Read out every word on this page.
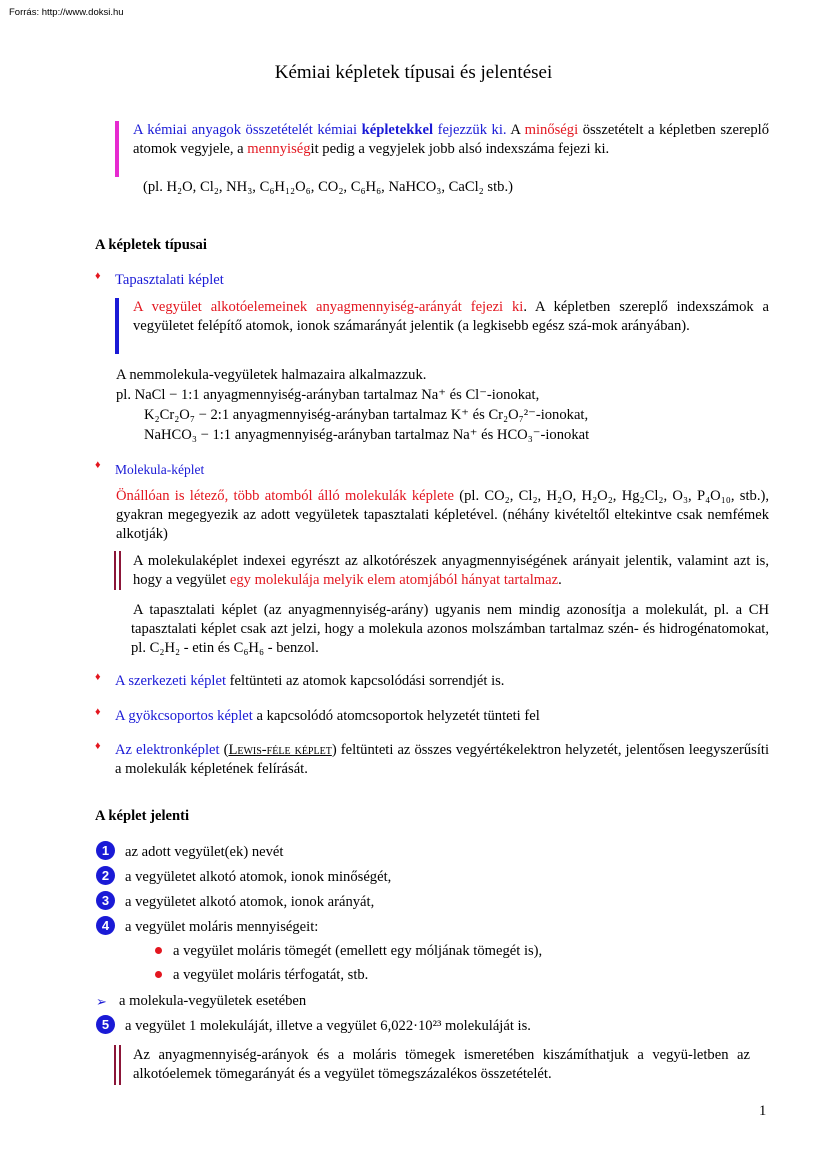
Forrás: http://www.doksi.hu
Kémiai képletek típusai és jelentései
A kémiai anyagok összetételét kémiai képletekkel fejezzük ki. A minőségi összetételt a képletben szereplő atomok vegyjele, a mennyiségit pedig a vegyjelek jobb alsó indexszáma fejezi ki.
(pl. H₂O, Cl₂, NH₃, C₆H₁₂O₆, CO₂, C₆H₆, NaHCO₃, CaCl₂ stb.)
A képletek típusai
♦ Tapasztalati képlet
A vegyület alkotóelemeinek anyagmennyiség-arányát fejezi ki. A képletben szereplő indexszámok a vegyületet felépítő atomok, ionok számarányát jelentik (a legkisebb egész szá-mok arányában).
A nemmolekula-vegyületek halmazaira alkalmazzuk.
pl. NaCl − 1:1 anyagmennyiség-arányban tartalmaz Na⁺ és Cl⁻-ionokat,
K₂Cr₂O₇ − 2:1 anyagmennyiség-arányban tartalmaz K⁺ és Cr₂O₇²⁻-ionokat,
NaHCO₃ − 1:1 anyagmennyiség-arányban tartalmaz Na⁺ és HCO₃⁻-ionokat
♦ Molekula-képlet
Önállóan is létező, több atomból álló molekulák képlete (pl. CO₂, Cl₂, H₂O, H₂O₂, Hg₂Cl₂, O₃, P₄O₁₀, stb.), gyakran megegyezik az adott vegyületek tapasztalati képletével. (néhány kivételtől eltekintve csak nemfémek alkotják)
A molekulaképlet indexei egyrészt az alkotórészek anyagmennyiségének arányait jelentik, valamint azt is, hogy a vegyület egy molekulája melyik elem atomjából hányat tartalmaz.
A tapasztalati képlet (az anyagmennyiség-arány) ugyanis nem mindig azonosítja a molekulát, pl. a CH tapasztalati képlet csak azt jelzi, hogy a molekula azonos molszámban tartalmaz szén- és hidrogénatomokat, pl. C₂H₂ - etin és C₆H₆ - benzol.
♦ A szerkezeti képlet feltünteti az atomok kapcsolódási sorrendjét is.
♦ A gyökcsoportos képlet a kapcsolódó atomcsoportok helyzetét tünteti fel
♦ Az elektronképlet (Lewis-féle képlet) feltünteti az összes vegyértékelektron helyzetét, jelentősen leegyszerűsíti a molekulák képletének felírását.
A képlet jelenti
1	az adott vegyület(ek) nevét
2	a vegyületet alkotó atomok, ionok minőségét,
3	a vegyületet alkotó atomok, ionok arányát,
4	a vegyület moláris mennyiségeit:
a vegyület moláris tömegét (emellett egy móljának tömegét is),
a vegyület moláris térfogatát, stb.
➢ a molekula-vegyületek esetében
5	a vegyület 1 molekuláját, illetve a vegyület 6,022·10²³ molekuláját is.
Az anyagmennyiség-arányok és a moláris tömegek ismeretében kiszámíthatjuk a vegyü-letben az alkotóelemek tömegarányát és a vegyület tömegszázalékos összetételét.
1
